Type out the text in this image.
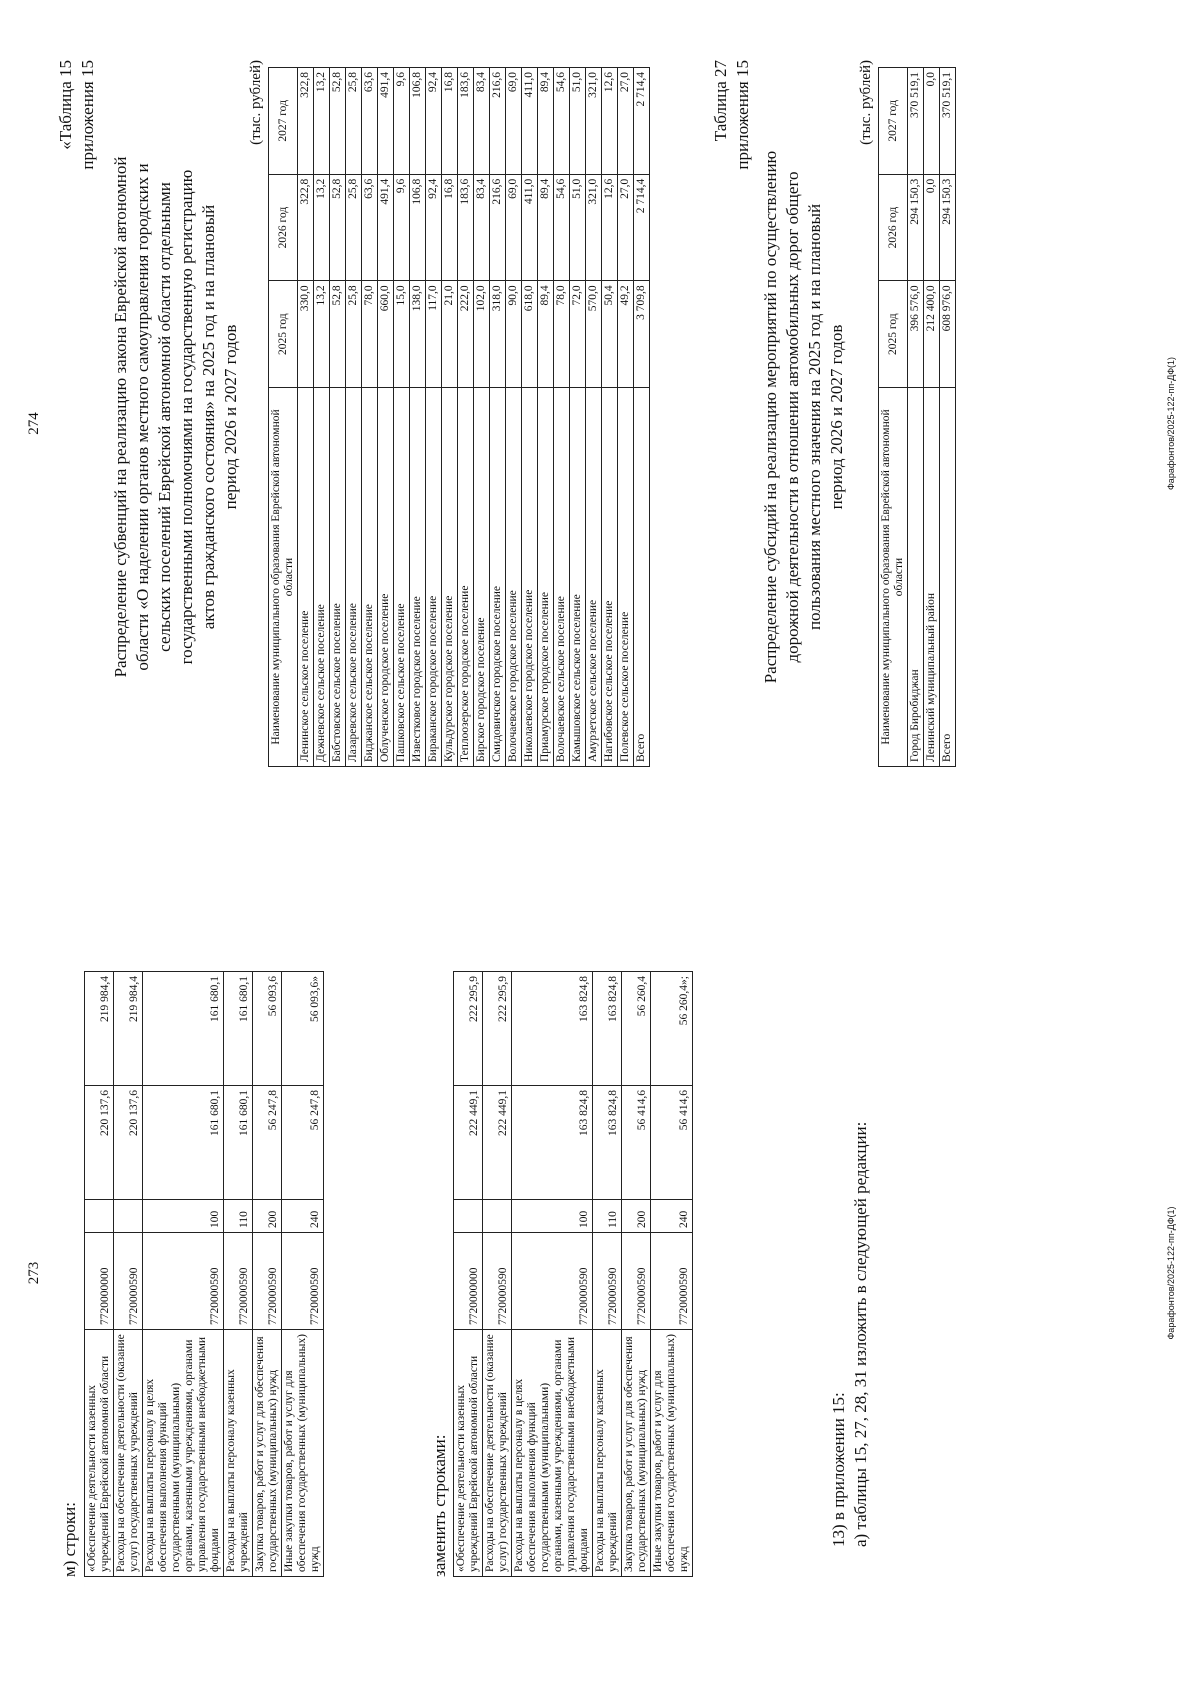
273
м) строки: «Обеспечение деятельности казенных учреждений Еврейской автономной области	7720000000		220 137,6	219 984,4
Расходы на обеспечение деятельности (оказание услуг) государственных учреждений	7720000590		220 137,6	219 984,4
Расходы на выплаты персоналу в целях обеспечения выполнения функций государственными (муниципальными) органами, казенными учреждениями, органами управления государственными внебюджетными фондами	7720000590	100	161 680,1	161 680,1
Расходы на выплаты персоналу казенных учреждений	7720000590	110	161 680,1	161 680,1
Закупка товаров, работ и услуг для обеспечения государственных (муниципальных) нужд	7720000590	200	56 247,8	56 093,6
Иные закупки товаров, работ и услуг для обеспечения государственных (муниципальных) нужд	7720000590	240	56 247,8	56 093,6»
заменить строками: «Обеспечение деятельности казенных учреждений Еврейской автономной области	7720000000		222 449,1	222 295,9
Расходы на обеспечение деятельности (оказание услуг) государственных учреждений	7720000590		222 449,1	222 295,9
Расходы на выплаты персоналу в целях обеспечения выполнения функций государственными (муниципальными) органами, казенными учреждениями, органами управления государственными внебюджетными фондами	7720000590	100	163 824,8	163 824,8
Расходы на выплаты персоналу казенных учреждений	7720000590	110	163 824,8	163 824,8
Закупка товаров, работ и услуг для обеспечения государственных (муниципальных) нужд	7720000590	200	56 414,6	56 260,4
Иные закупки товаров, работ и услуг для обеспечения государственных (муниципальных) нужд	7720000590	240	56 414,6	56 260,4»;
13) в приложении 15: а) таблицы 15, 27, 28, 31 изложить в следующей редакции:	Фарафонтов/2025-122-пп-ДФ(1)
274
«Таблица 15 приложения 15
Распределение субвенций на реализацию закона Еврейской автономной области «О наделении органов местного самоуправления городских и сельских поселений Еврейской автономной области отдельными государственными полномочиями на государственную регистрацию актов гражданского состояния» на 2025 год и на плановый период 2026 и 2027 годов
(тыс. рублей)
Наименование муниципального образования Еврейской автономной области	2025 год	2026 год	2027 год
Ленинское сельское поселение	330,0	322,8	322,8
Дежневское сельское поселение	13,2	13,2	13,2
Бабстовское сельское поселение	52,8	52,8	52,8
Лазаревское сельское поселение	25,8	25,8	25,8
Биджанское сельское поселение	78,0	63,6	63,6
Облученское городское поселение	660,0	491,4	491,4
Пашковское сельское поселение	15,0	9,6	9,6
Известковое городское поселение	138,0	106,8	106,8
Бираканское городское поселение	117,0	92,4	92,4
Кульдурское городское поселение	21,0	16,8	16,8
Теплоозерское городское поселение	222,0	183,6	183,6
Бирское городское поселение	102,0	83,4	83,4
Смидовичское городское поселение	318,0	216,6	216,6
Волочаевское городское поселение	90,0	69,0	69,0
Николаевское городское поселение	618,0	411,0	411,0
Приамурское городское поселение	89,4	89,4	89,4
Волочаевское сельское поселение	78,0	54,6	54,6
Камышовское сельское поселение	72,0	51,0	51,0
Амурзетское сельское поселение	570,0	321,0	321,0
Нагибовское сельское поселение	50,4	12,6	12,6
Полевское сельское поселение	49,2	27,0	27,0
Всего	3 709,8	2 714,4	2 714,4	Таблица 27 приложения 15
Распределение субсидий на реализацию мероприятий по осуществлению дорожной деятельности в отношении автомобильных дорог общего пользования местного значения на 2025 год и на плановый период 2026 и 2027 годов
(тыс. рублей)
Наименование муниципального образования Еврейской автономной области	2025 год	2026 год	2027 год
Город Биробиджан	396 576,0	294 150,3	370 519,1
Ленинский муниципальный район	212 400,0	0,0	0,0
Всего	608 976,0	294 150,3	370 519,1
Фарафонтов/2025-122-пп-ДФ(1)
